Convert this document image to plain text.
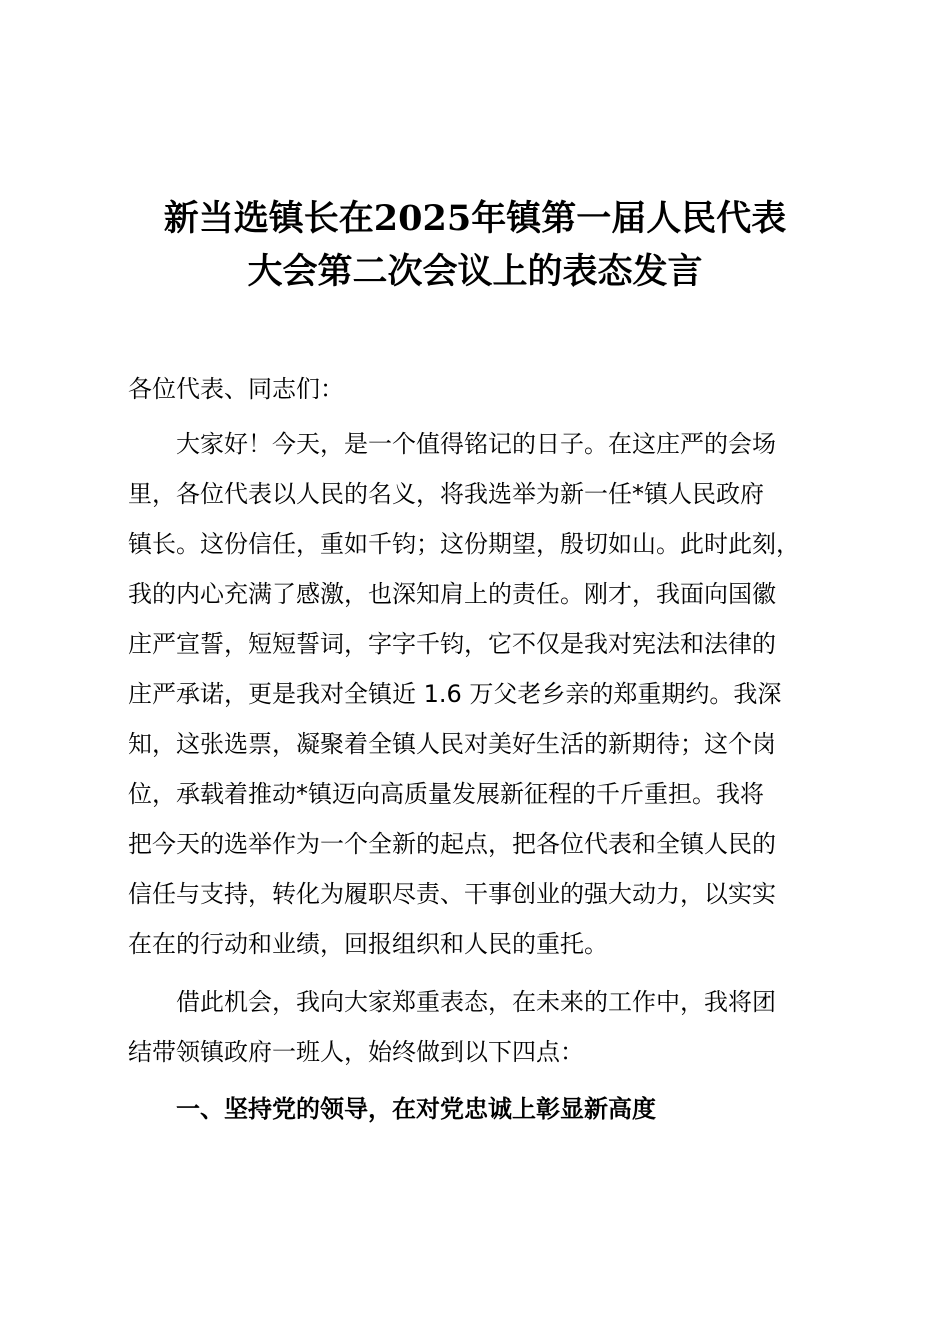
新当选镇长在2025年镇第一届人民代表
大会第二次会议上的表态发言

各位代表、同志们：

大家好！今天，是一个值得铭记的日子。在这庄严的会场
里，各位代表以人民的名义，将我选举为新一任*镇人民政府
镇长。这份信任，重如千钧；这份期望，殷切如山。此时此刻，
我的内心充满了感激，也深知肩上的责任。刚才，我面向国徽
庄严宣誓，短短誓词，字字千钧，它不仅是我对宪法和法律的
庄严承诺，更是我对全镇近 1.6 万父老乡亲的郑重期约。我深
知，这张选票，凝聚着全镇人民对美好生活的新期待；这个岗
位，承载着推动*镇迈向高质量发展新征程的千斤重担。我将
把今天的选举作为一个全新的起点，把各位代表和全镇人民的
信任与支持，转化为履职尽责、干事创业的强大动力，以实实
在在的行动和业绩，回报组织和人民的重托。
借此机会，我向大家郑重表态，在未来的工作中，我将团
结带领镇政府一班人，始终做到以下四点：
一、坚持党的领导，在对党忠诚上彰显新高度
